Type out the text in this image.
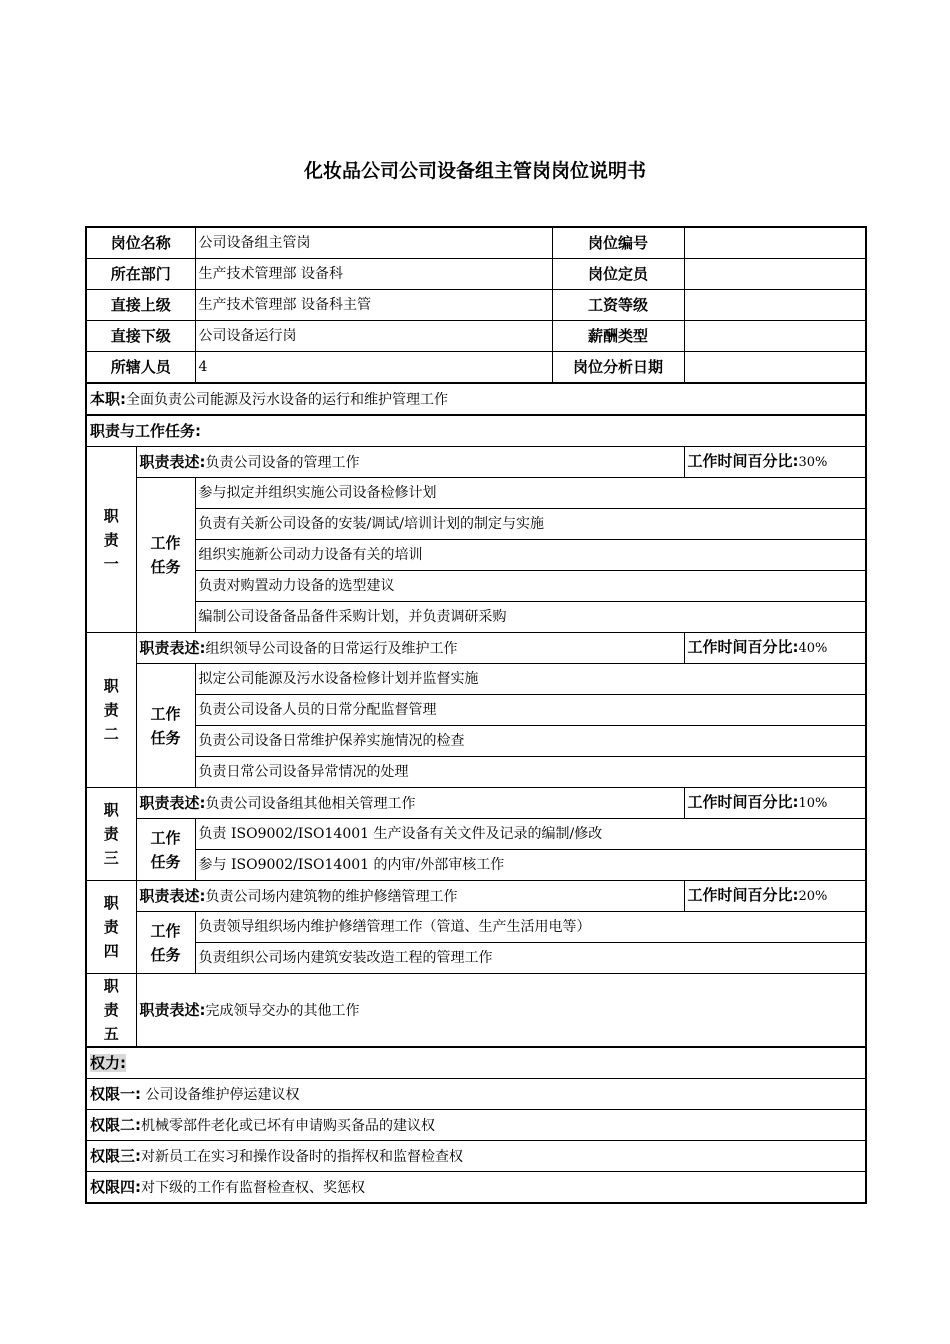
化妆品公司公司设备组主管岗岗位说明书
岗位名称		公司设备组主管岗	岗位编号	
所在部门		生产技术管理部 设备科	岗位定员	
直接上级		生产技术管理部 设备科主管	工资等级	
直接下级		公司设备运行岗	薪酬类型	
所辖人员		4	岗位分析日期	
本职:全面负责公司能源及污水设备的运行和维护管理工作				
职责与工作任务:				

职
责
一	职责表述:负责公司设备的管理工作			工作时间百分比:30%

	工作
任务	参与拟定并组织实施公司设备检修计划		
		负责有关新公司设备的安装/调试/培训计划的制定与实施		
		组织实施新公司动力设备有关的培训		
		负责对购置动力设备的选型建议		
		编制公司设备备品备件采购计划，并负责调研采购		

职
责
二	职责表述:组织领导公司设备的日常运行及维护工作			工作时间百分比:40%

	工作
任务	拟定公司能源及污水设备检修计划并监督实施		
		负责公司设备人员的日常分配监督管理		
		负责公司设备日常维护保养实施情况的检查		
		负责日常公司设备异常情况的处理		

职
责
三	职责表述:负责公司设备组其他相关管理工作			工作时间百分比:10%

	工作
任务	负责 ISO9002/ISO14001 生产设备有关文件及记录的编制/修改		
		参与 ISO9002/ISO14001 的内审/外部审核工作		

职
责
四	职责表述:负责公司场内建筑物的维护修缮管理工作			工作时间百分比:20%

	工作
任务	负责领导组织场内维护修缮管理工作（管道、生产生活用电等）		
		负责组织公司场内建筑安装改造工程的管理工作		

职
责
五	职责表述:完成领导交办的其他工作			
权力:				
权限一: 公司设备维护停运建议权				
权限二:机械零部件老化或已坏有申请购买备品的建议权				
权限三:对新员工在实习和操作设备时的指挥权和监督检查权				
权限四:对下级的工作有监督检查权、奖惩权				
